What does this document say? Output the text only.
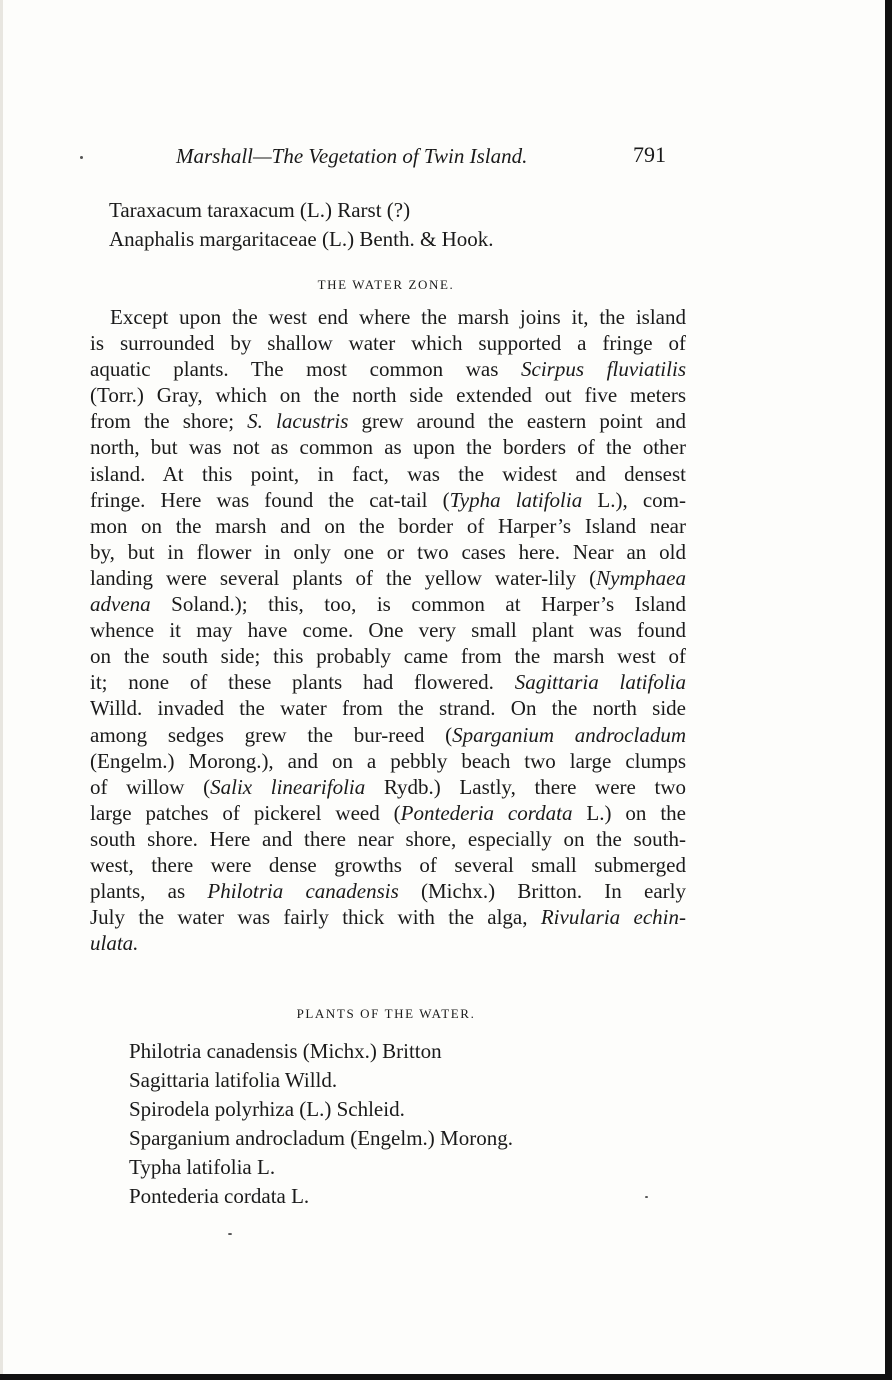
Marshall—The Vegetation of Twin Island.	791
Taraxacum taraxacum (L.) Rarst (?)
Anaphalis margaritaceae (L.) Benth. & Hook.
THE WATER ZONE.
Except upon the west end where the marsh joins it, the island
is surrounded by shallow water which supported a fringe of
aquatic plants. The most common was Scirpus fluviatilis
(Torr.) Gray, which on the north side extended out five meters
from the shore; S. lacustris grew around the eastern point and
north, but was not as common as upon the borders of the other
island. At this point, in fact, was the widest and densest
fringe. Here was found the cat-tail (Typha latifolia L.), com-
mon on the marsh and on the border of Harper’s Island near
by, but in flower in only one or two cases here. Near an old
landing were several plants of the yellow water-lily (Nymphaea
advena Soland.); this, too, is common at Harper’s Island
whence it may have come. One very small plant was found
on the south side; this probably came from the marsh west of
it; none of these plants had flowered. Sagittaria latifolia
Willd. invaded the water from the strand. On the north side
among sedges grew the bur-reed (Sparganium androcladum
(Engelm.) Morong.), and on a pebbly beach two large clumps
of willow (Salix linearifolia Rydb.) Lastly, there were two
large patches of pickerel weed (Pontederia cordata L.) on the
south shore. Here and there near shore, especially on the south-
west, there were dense growths of several small submerged
plants, as Philotria canadensis (Michx.) Britton. In early
July the water was fairly thick with the alga, Rivularia echin-
ulata.
PLANTS OF THE WATER.
Philotria canadensis (Michx.) Britton
Sagittaria latifolia Willd.
Spirodela polyrhiza (L.) Schleid.
Sparganium androcladum (Engelm.) Morong.
Typha latifolia L.
Pontederia cordata L.
